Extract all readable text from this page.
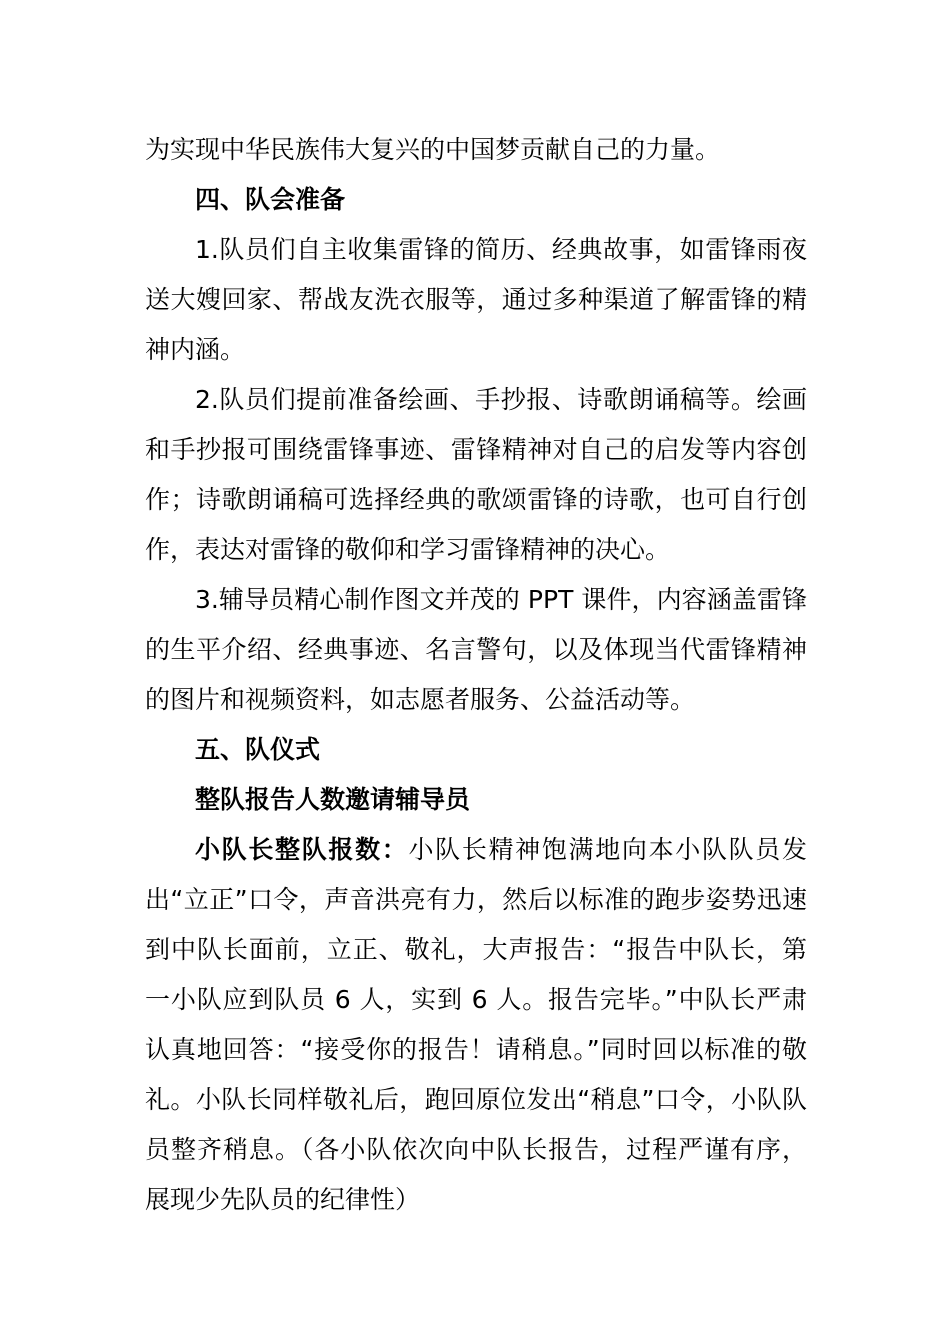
为实现中华民族伟大复兴的中国梦贡献自己的力量。

四、队会准备

1.队员们自主收集雷锋的简历、经典故事，如雷锋雨夜送大嫂回家、帮战友洗衣服等，通过多种渠道了解雷锋的精神内涵。

2.队员们提前准备绘画、手抄报、诗歌朗诵稿等。绘画和手抄报可围绕雷锋事迹、雷锋精神对自己的启发等内容创作；诗歌朗诵稿可选择经典的歌颂雷锋的诗歌，也可自行创作，表达对雷锋的敬仰和学习雷锋精神的决心。

3.辅导员精心制作图文并茂的 PPT 课件，内容涵盖雷锋的生平介绍、经典事迹、名言警句，以及体现当代雷锋精神的图片和视频资料，如志愿者服务、公益活动等。

五、队仪式

整队报告人数邀请辅导员

小队长整队报数：小队长精神饱满地向本小队队员发出“立正”口令，声音洪亮有力，然后以标准的跑步姿势迅速到中队长面前，立正、敬礼，大声报告：“报告中队长，第一小队应到队员 6 人，实到 6 人。报告完毕。”中队长严肃认真地回答：“接受你的报告！请稍息。”同时回以标准的敬礼。小队长同样敬礼后，跑回原位发出“稍息”口令，小队队员整齐稍息。（各小队依次向中队长报告，过程严谨有序，展现少先队员的纪律性）
